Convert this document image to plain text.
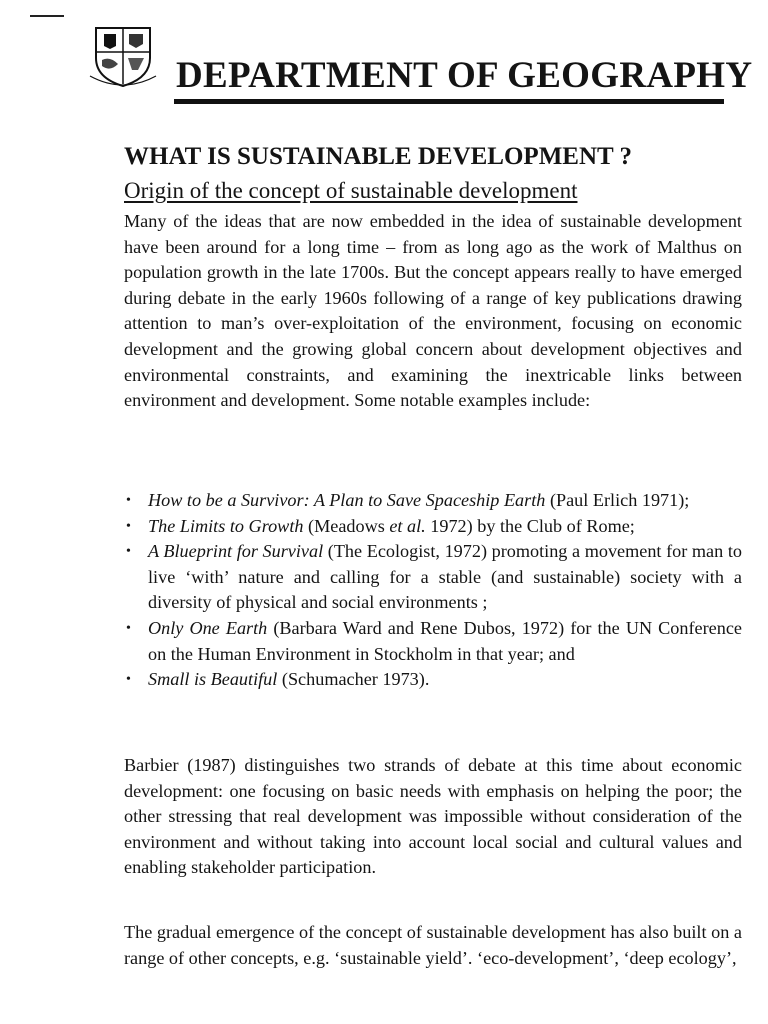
DEPARTMENT OF GEOGRAPHY
WHAT IS SUSTAINABLE DEVELOPMENT ?
Origin of the concept of sustainable development

Many of the ideas that are now embedded in the idea of sustainable development have been around for a long time – from as long ago as the work of Malthus on population growth in the late 1700s. But the concept appears really to have emerged during debate in the early 1960s following of a range of key publications drawing attention to man’s over-exploitation of the environment, focusing on economic development and the growing global concern about development objectives and environmental constraints, and examining the inextricable links between environment and development. Some notable examples include:

• How to be a Survivor: A Plan to Save Spaceship Earth (Paul Erlich 1971);
• The Limits to Growth (Meadows et al. 1972) by the Club of Rome;
• A Blueprint for Survival (The Ecologist, 1972) promoting a movement for man to live ‘with’ nature and calling for a stable (and sustainable) society with a diversity of physical and social environments ;
• Only One Earth (Barbara Ward and Rene Dubos, 1972) for the UN Conference on the Human Environment in Stockholm in that year; and
• Small is Beautiful (Schumacher 1973).

Barbier (1987) distinguishes two strands of debate at this time about economic development: one focusing on basic needs with emphasis on helping the poor; the other stressing that real development was impossible without consideration of the environment and without taking into account local social and cultural values and enabling stakeholder participation.

The gradual emergence of the concept of sustainable development has also built on a range of other concepts, e.g. ‘sustainable yield’. ‘eco-development’, ‘deep ecology’,
